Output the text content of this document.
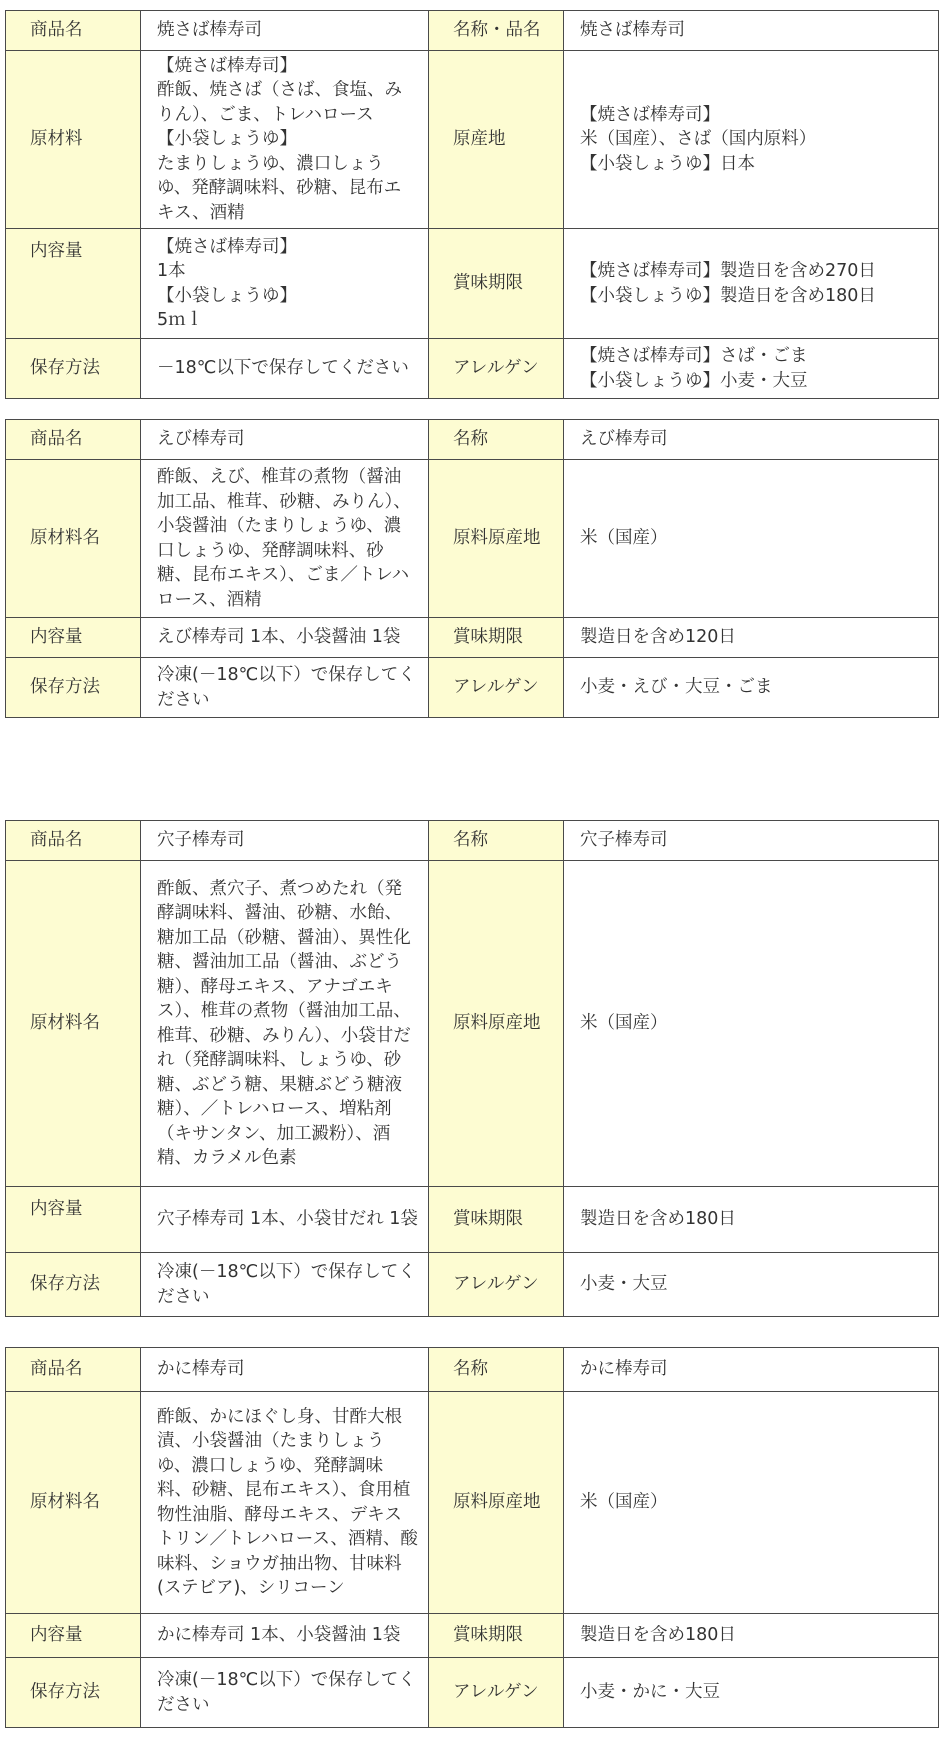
商品名	焼さば棒寿司	名称・品名	焼さば棒寿司
原材料	【焼さば棒寿司】
酢飯、焼さば（さば、食塩、みりん）、ごま、トレハロース
【小袋しょうゆ】
たまりしょうゆ、濃口しょうゆ、発酵調味料、砂糖、昆布エキス、酒精	原産地	【焼さば棒寿司】
米（国産）、さば（国内原料）
【小袋しょうゆ】日本
内容量	【焼さば棒寿司】
1本
【小袋しょうゆ】
5ｍｌ	賞味期限	【焼さば棒寿司】製造日を含め270日
【小袋しょうゆ】製造日を含め180日
保存方法	－18℃以下で保存してください	アレルゲン	【焼さば棒寿司】さば・ごま
【小袋しょうゆ】小麦・大豆
商品名	えび棒寿司	名称	えび棒寿司
原材料名	酢飯、えび、椎茸の煮物（醤油加工品、椎茸、砂糖、みりん）、小袋醤油（たまりしょうゆ、濃口しょうゆ、発酵調味料、砂糖、昆布エキス）、ごま／トレハロース、酒精	原料原産地	米（国産）
内容量	えび棒寿司 1本、小袋醤油 1袋	賞味期限	製造日を含め120日
保存方法	冷凍(－18℃以下）で保存してください	アレルゲン	小麦・えび・大豆・ごま
商品名	穴子棒寿司	名称	穴子棒寿司
原材料名	酢飯、煮穴子、煮つめたれ（発酵調味料、醤油、砂糖、水飴、糖加工品（砂糖、醤油）、異性化糖、醤油加工品（醤油、ぶどう糖）、酵母エキス、アナゴエキス）、椎茸の煮物（醤油加工品、椎茸、砂糖、みりん）、小袋甘だれ（発酵調味料、しょうゆ、砂糖、ぶどう糖、果糖ぶどう糖液糖）、／トレハロース、増粘剤（キサンタン、加工澱粉）、酒精、カラメル色素	原料原産地	米（国産）
内容量	穴子棒寿司 1本、小袋甘だれ 1袋	賞味期限	製造日を含め180日
保存方法	冷凍(－18℃以下）で保存してください	アレルゲン	小麦・大豆
商品名	かに棒寿司	名称	かに棒寿司
原材料名	酢飯、かにほぐし身、甘酢大根漬、小袋醤油（たまりしょうゆ、濃口しょうゆ、発酵調味料、砂糖、昆布エキス）、食用植物性油脂、酵母エキス、デキストリン／トレハロース、酒精、酸味料、ショウガ抽出物、甘味料(ステビア)、シリコーン	原料原産地	米（国産）
内容量	かに棒寿司 1本、小袋醤油 1袋	賞味期限	製造日を含め180日
保存方法	冷凍(－18℃以下）で保存してください	アレルゲン	小麦・かに・大豆
